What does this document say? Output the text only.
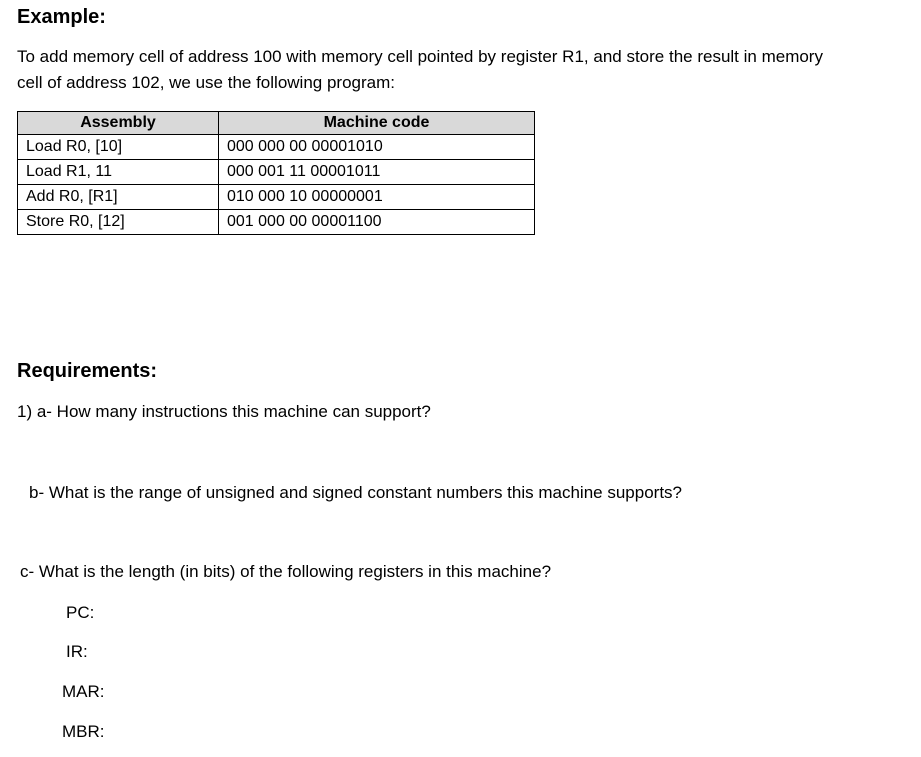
Example:
To add memory cell of address 100 with memory cell pointed by register R1, and store the result in memory
cell of address 102, we use the following program:
Assembly	Machine code
Load R0, [10]	000 000 00 00001010
Load R1, 11	000 001 11 00001011
Add R0, [R1]	010 000 10 00000001
Store R0, [12]	001 000 00 00001100
Requirements:
1) a- How many instructions this machine can support?
b- What is the range of unsigned and signed constant numbers this machine supports?
c- What is the length (in bits) of the following registers in this machine?
PC:
IR:
MAR:
MBR:
